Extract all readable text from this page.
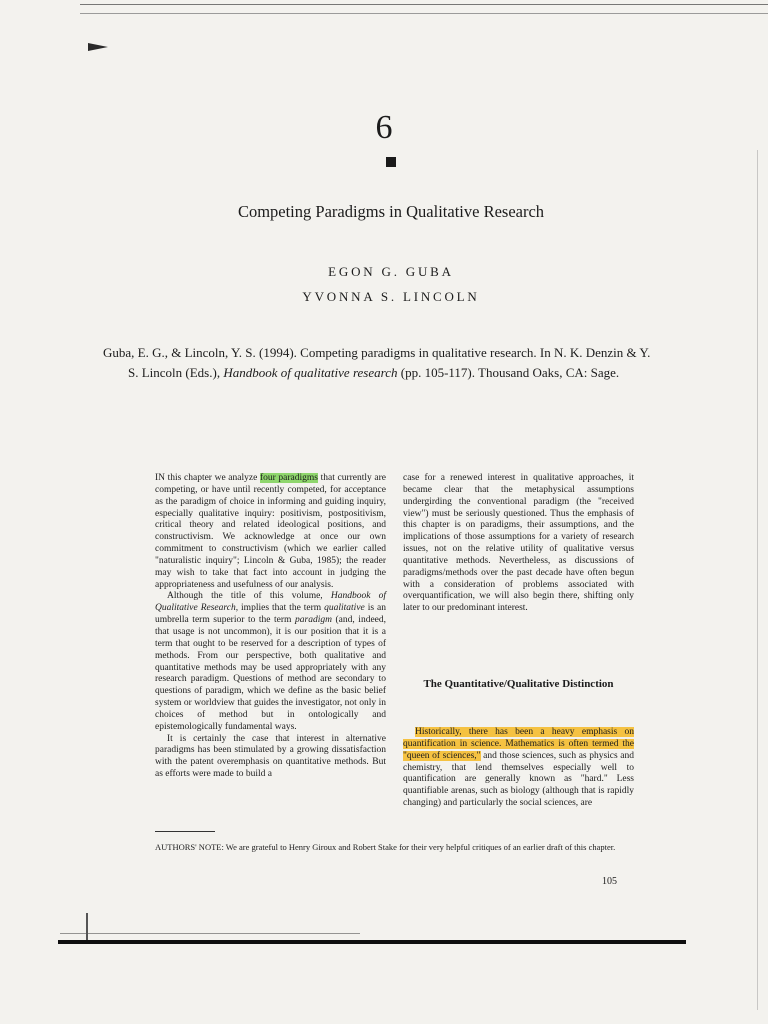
6
Competing Paradigms in Qualitative Research
EGON G. GUBA
YVONNA S. LINCOLN
Guba, E. G., & Lincoln, Y. S. (1994). Competing paradigms in qualitative research. In N. K. Denzin & Y.
S. Lincoln (Eds.), Handbook of qualitative research (pp. 105-117). Thousand Oaks, CA: Sage.

IN this chapter we analyze four paradigms that currently are competing, or have until recently competed, for acceptance as the paradigm of choice in informing and guiding inquiry, especially qualitative inquiry: positivism, postpositivism, critical theory and related ideological positions, and constructivism. We acknowledge at once our own commitment to constructivism (which we earlier called "naturalistic inquiry"; Lincoln & Guba, 1985); the reader may wish to take that fact into account in judging the appropriateness and usefulness of our analysis.

Although the title of this volume, Handbook of Qualitative Research, implies that the term qualitative is an umbrella term superior to the term paradigm (and, indeed, that usage is not uncommon), it is our position that it is a term that ought to be reserved for a description of types of methods. From our perspective, both qualitative and quantitative methods may be used appropriately with any research paradigm. Questions of method are secondary to questions of paradigm, which we define as the basic belief system or worldview that guides the investigator, not only in choices of method but in ontologically and epistemologically fundamental ways.

It is certainly the case that interest in alternative paradigms has been stimulated by a growing dissatisfaction with the patent overemphasis on quantitative methods. But as efforts were made to build a

case for a renewed interest in qualitative approaches, it became clear that the metaphysical assumptions undergirding the conventional paradigm (the "received view") must be seriously questioned. Thus the emphasis of this chapter is on paradigms, their assumptions, and the implications of those assumptions for a variety of research issues, not on the relative utility of qualitative versus quantitative methods. Nevertheless, as discussions of paradigms/methods over the past decade have often begun with a consideration of problems associated with overquantification, we will also begin there, shifting only later to our predominant interest.

The Quantitative/Qualitative Distinction

Historically, there has been a heavy emphasis on quantification in science. Mathematics is often termed the "queen of sciences," and those sciences, such as physics and chemistry, that lend themselves especially well to quantification are generally known as "hard." Less quantifiable arenas, such as biology (although that is rapidly changing) and particularly the social sciences, are

AUTHORS' NOTE: We are grateful to Henry Giroux and Robert Stake for their very helpful critiques of an earlier draft of this chapter.
105
